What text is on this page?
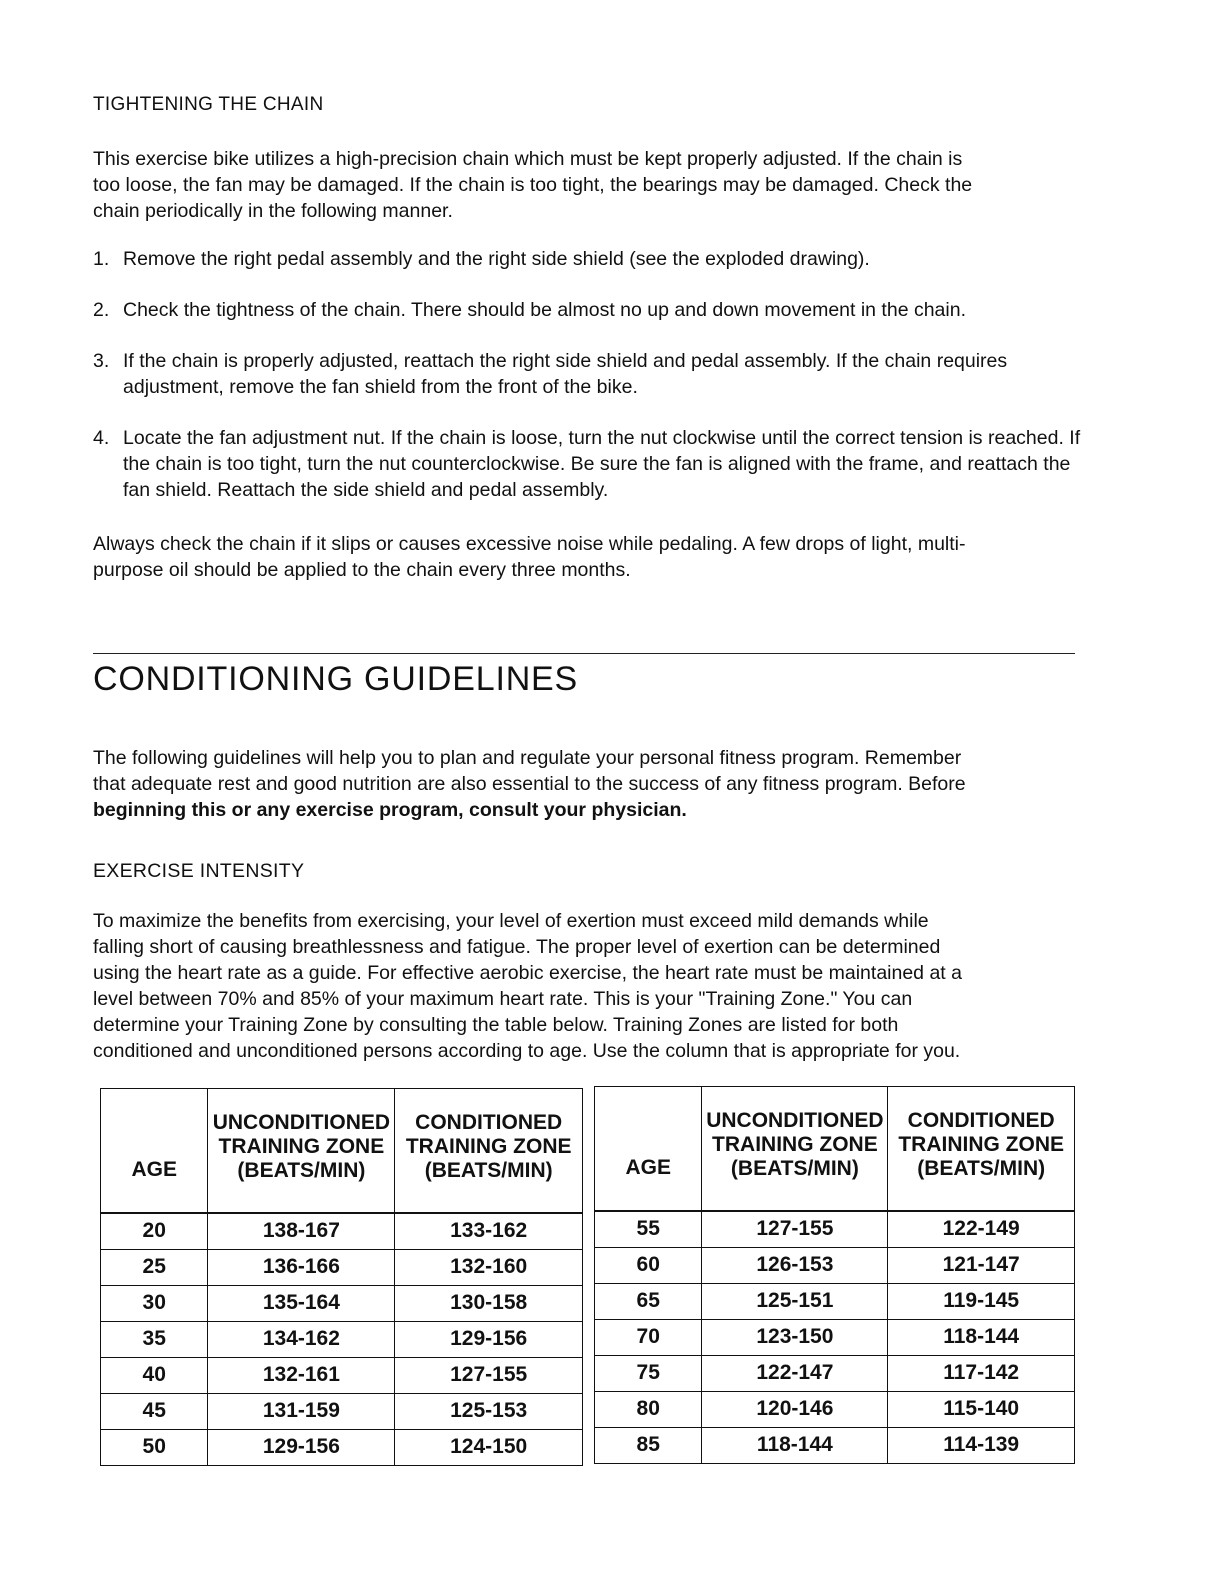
TIGHTENING THE CHAIN

This exercise bike utilizes a high-precision chain which must be kept properly adjusted. If the chain is
too loose, the fan may be damaged. If the chain is too tight, the bearings may be damaged. Check the
chain periodically in the following manner.

1. Remove the right pedal assembly and the right side shield (see the exploded drawing).
2. Check the tightness of the chain. There should be almost no up and down movement in the chain.
3. If the chain is properly adjusted, reattach the right side shield and pedal assembly. If the chain requires adjustment, remove the fan shield from the front of the bike.
4. Locate the fan adjustment nut. If the chain is loose, turn the nut clockwise until the correct tension is reached. If the chain is too tight, turn the nut counterclockwise. Be sure the fan is aligned with the frame, and reattach the fan shield. Reattach the side shield and pedal assembly.

Always check the chain if it slips or causes excessive noise while pedaling. A few drops of light, multi-
purpose oil should be applied to the chain every three months.

CONDITIONING GUIDELINES

The following guidelines will help you to plan and regulate your personal fitness program. Remember
that adequate rest and good nutrition are also essential to the success of any fitness program. Before
beginning this or any exercise program, consult your physician.

EXERCISE INTENSITY

To maximize the benefits from exercising, your level of exertion must exceed mild demands while
falling short of causing breathlessness and fatigue. The proper level of exertion can be determined
using the heart rate as a guide. For effective aerobic exercise, the heart rate must be maintained at a
level between 70% and 85% of your maximum heart rate. This is your "Training Zone." You can
determine your Training Zone by consulting the table below. Training Zones are listed for both
conditioned and unconditioned persons according to age. Use the column that is appropriate for you.

AGE	UNCONDITIONED
TRAINING ZONE
(BEATS/MIN)	CONDITIONED
TRAINING ZONE
(BEATS/MIN)
20	138-167	133-162
25	136-166	132-160
30	135-164	130-158
35	134-162	129-156
40	132-161	127-155
45	131-159	125-153
50	129-156	124-150
AGE	UNCONDITIONED
TRAINING ZONE
(BEATS/MIN)	CONDITIONED
TRAINING ZONE
(BEATS/MIN)
55	127-155	122-149
60	126-153	121-147
65	125-151	119-145
70	123-150	118-144
75	122-147	117-142
80	120-146	115-140
85	118-144	114-139
